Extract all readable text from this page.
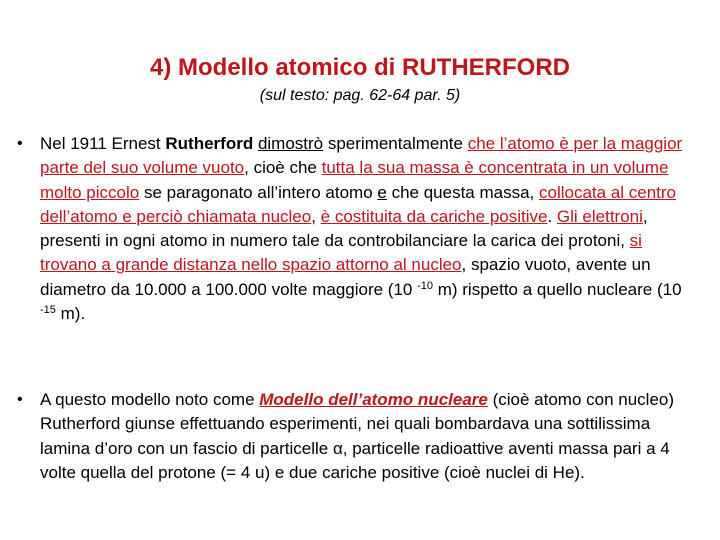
4) Modello atomico di RUTHERFORD
(sul testo: pag. 62-64 par. 5)
• Nel 1911 Ernest Rutherford dimostrò sperimentalmente che l’atomo è per la maggior parte del suo volume vuoto, cioè che tutta la sua massa è concentrata in un volume molto piccolo se paragonato all’intero atomo e che questa massa, collocata al centro dell’atomo e perciò chiamata nucleo, è costituita da cariche positive. Gli elettroni, presenti in ogni atomo in numero tale da controbilanciare la carica dei protoni, si trovano a grande distanza nello spazio attorno al nucleo, spazio vuoto, avente un diametro da 10.000 a 100.000 volte maggiore (10 $^{-10}$ m) rispetto a quello nucleare (10 $^{-15}$ m).
• A questo modello noto come Modello dell’atomo nucleare (cioè atomo con nucleo) Rutherford giunse effettuando esperimenti, nei quali bombardava una sottilissima lamina d’oro con un fascio di particelle α, particelle radioattive aventi massa pari a 4 volte quella del protone (= 4 u) e due cariche positive (cioè nuclei di He).
